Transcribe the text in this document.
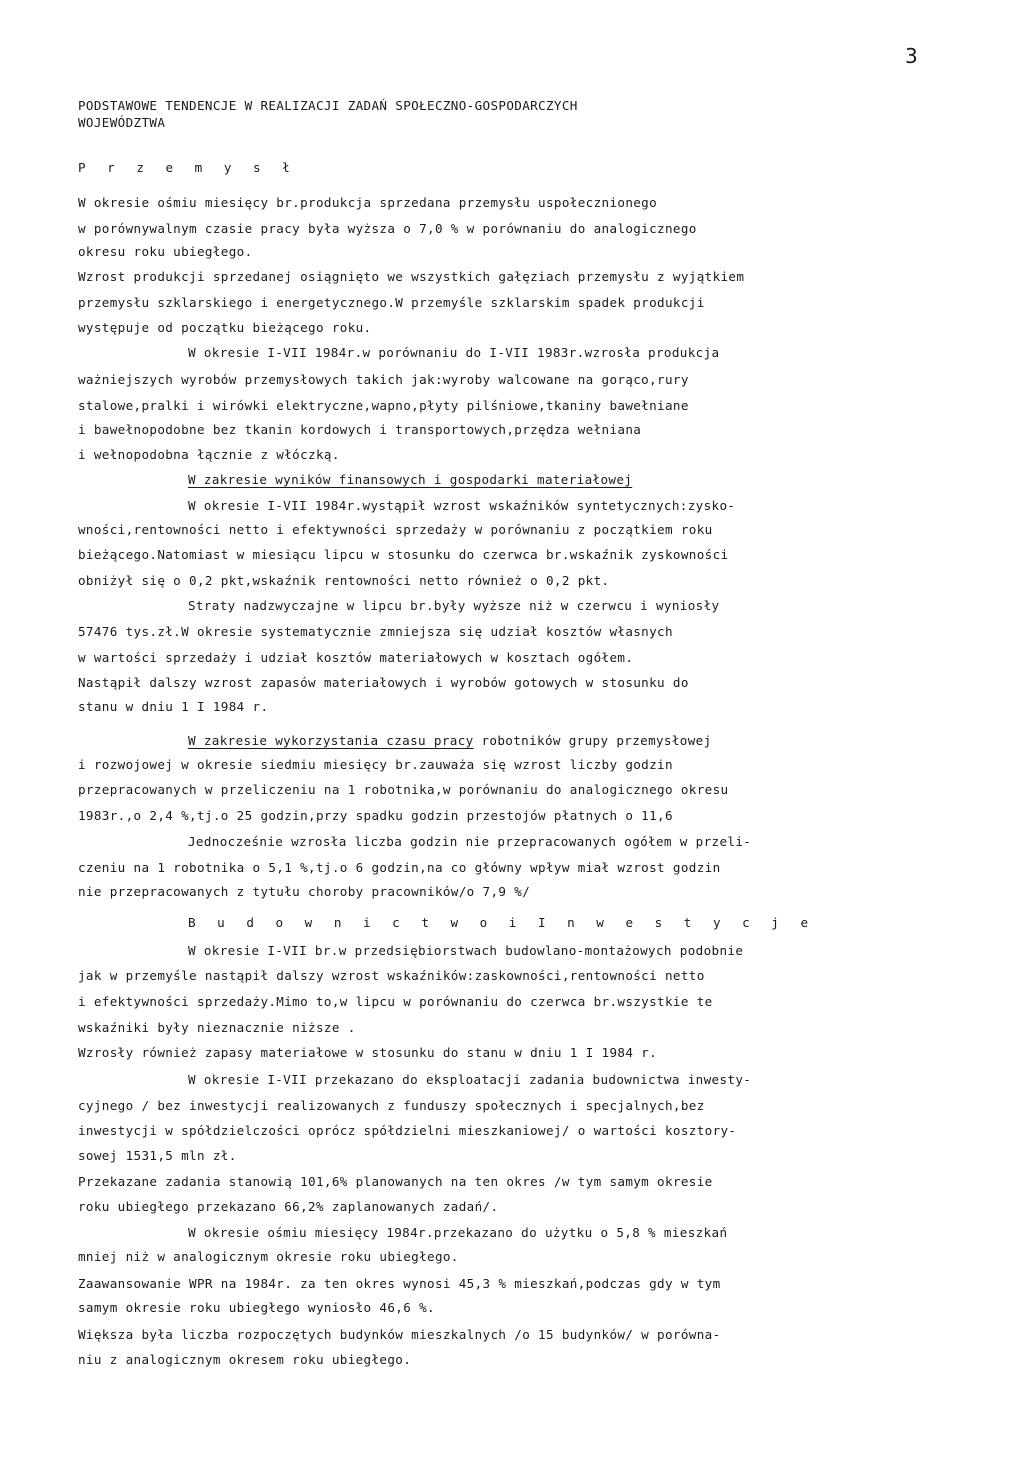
3
PODSTAWOWE TENDENCJE W REALIZACJI ZADAŃ SPOŁECZNO-GOSPODARCZYCH
WOJEWÓDZTWA
P r z e m y s ł
W okresie ośmiu miesięcy br.produkcja sprzedana przemysłu uspołecznionego
w porównywalnym czasie pracy była wyższa o 7,0 % w porównaniu do analogicznego
okresu roku ubiegłego.
Wzrost produkcji sprzedanej osiągnięto we wszystkich gałęziach przemysłu z wyjątkiem
przemysłu szklarskiego i energetycznego.W przemyśle szklarskim spadek produkcji
występuje od początku bieżącego roku.
W okresie I-VII 1984r.w porównaniu do I-VII 1983r.wzrosła produkcja
ważniejszych wyrobów przemysłowych takich jak:wyroby walcowane na gorąco,rury
stalowe,pralki i wirówki elektryczne,wapno,płyty pilśniowe,tkaniny bawełniane
i bawełnopodobne bez tkanin kordowych i transportowych,przędza wełniana
i wełnopodobna łącznie z włóczką.
W zakresie wyników finansowych i gospodarki materiałowej
W okresie I-VII 1984r.wystąpił wzrost wskaźników syntetycznych:zysko-
wności,rentowności netto i efektywności sprzedaży w porównaniu z początkiem roku
bieżącego.Natomiast w miesiącu lipcu w stosunku do czerwca br.wskaźnik zyskowności
obniżył się o 0,2 pkt,wskaźnik rentowności netto również o 0,2 pkt.
Straty nadzwyczajne w lipcu br.były wyższe niż w czerwcu i wyniosły
57476 tys.zł.W okresie systematycznie zmniejsza się udział kosztów własnych
w wartości sprzedaży i udział kosztów materiałowych w kosztach ogółem.
Nastąpił dalszy wzrost zapasów materiałowych i wyrobów gotowych w stosunku do
stanu w dniu 1 I 1984 r.
W zakresie wykorzystania czasu pracy robotników grupy przemysłowej
i rozwojowej w okresie siedmiu miesięcy br.zauważa się wzrost liczby godzin
przepracowanych w przeliczeniu na 1 robotnika,w porównaniu do analogicznego okresu
1983r.,o 2,4 %,tj.o 25 godzin,przy spadku godzin przestojów płatnych o 11,6
Jednocześnie wzrosła liczba godzin nie przepracowanych ogółem w przeli-
czeniu na 1 robotnika o 5,1 %,tj.o 6 godzin,na co główny wpływ miał wzrost godzin
nie przepracowanych z tytułu choroby pracowników/o 7,9 %/
B u d o w n i c t w o i I n w e s t y c j e
W okresie I-VII br.w przedsiębiorstwach budowlano-montażowych podobnie
jak w przemyśle nastąpił dalszy wzrost wskaźników:zaskowności,rentowności netto
i efektywności sprzedaży.Mimo to,w lipcu w porównaniu do czerwca br.wszystkie te
wskaźniki były nieznacznie niższe .
Wzrosły również zapasy materiałowe w stosunku do stanu w dniu 1 I 1984 r.
W okresie I-VII przekazano do eksploatacji zadania budownictwa inwesty-
cyjnego / bez inwestycji realizowanych z funduszy społecznych i specjalnych,bez
inwestycji w spółdzielczości oprócz spółdzielni mieszkaniowej/ o wartości kosztory-
sowej 1531,5 mln zł.
Przekazane zadania stanowią 101,6% planowanych na ten okres /w tym samym okresie
roku ubiegłego przekazano 66,2% zaplanowanych zadań/.
W okresie ośmiu miesięcy 1984r.przekazano do użytku o 5,8 % mieszkań
mniej niż w analogicznym okresie roku ubiegłego.
Zaawansowanie WPR na 1984r. za ten okres wynosi 45,3 % mieszkań,podczas gdy w tym
samym okresie roku ubiegłego wyniosło 46,6 %.
Większa była liczba rozpoczętych budynków mieszkalnych /o 15 budynków/ w porówna-
niu z analogicznym okresem roku ubiegłego.
